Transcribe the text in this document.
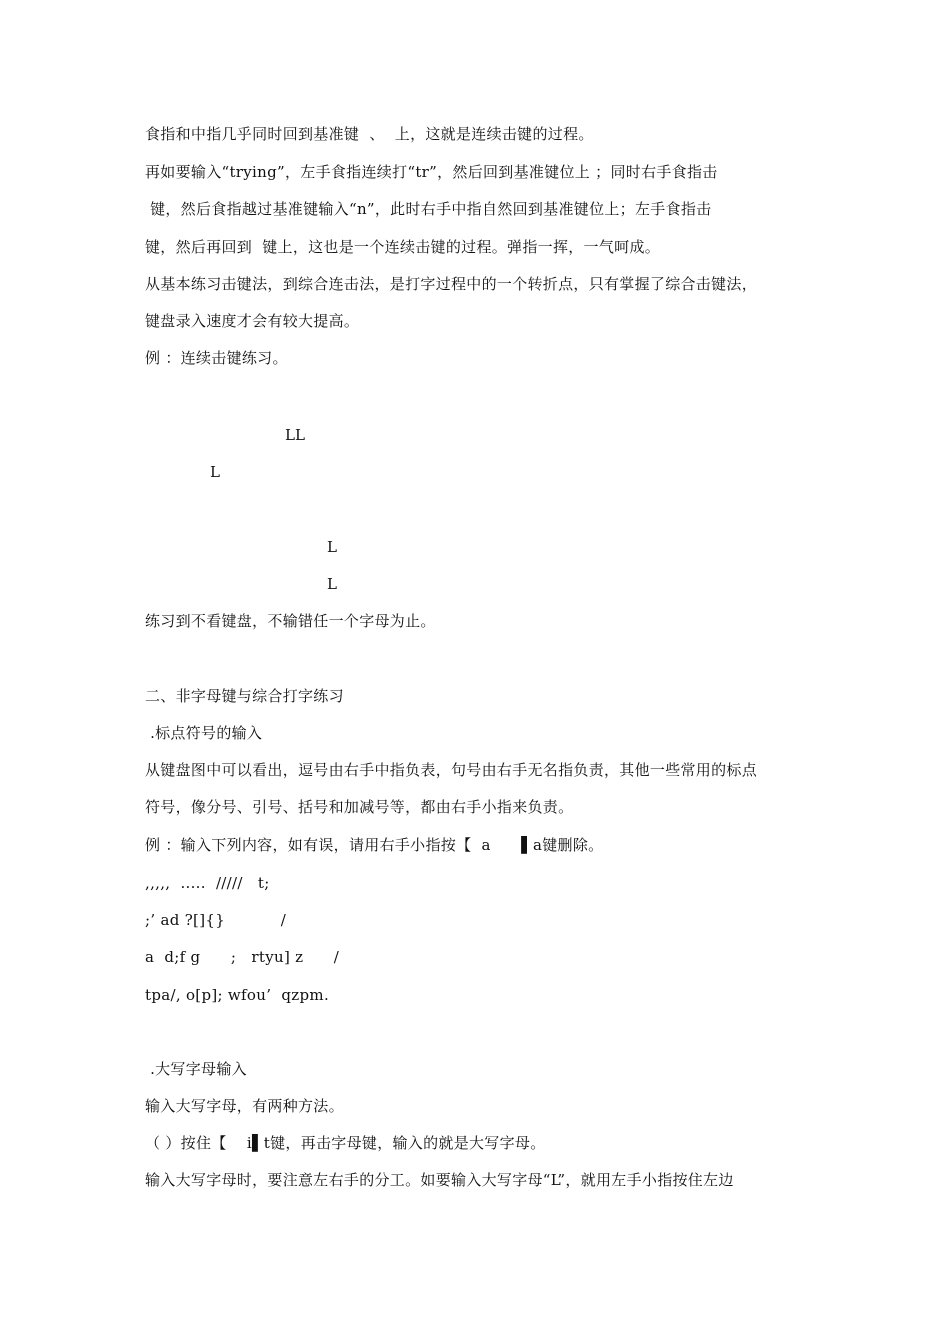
食指和中指几乎同时回到基准键  、  上，这就是连续击键的过程。
再如要输入“trying”，左手食指连续打“tr”，然后回到基准键位上 ；同时右手食指击
键，然后食指越过基准键输入“n”，此时右手中指自然回到基准键位上；左手食指击
键，然后再回到  键上，这也是一个连续击键的过程。弹指一挥，一气呵成。
从基本练习击键法，到综合连击法，是打字过程中的一个转折点，只有掌握了综合击键法，
键盘录入速度才会有较大提高。
例 ：连续击键练习。
LL
L
L
L
练习到不看键盘，不输错任一个字母为止。
二、非字母键与综合打字练习
.标点符号的输入
从键盘图中可以看出，逗号由右手中指负表，句号由右手无名指负责，其他一些常用的标点
符号，像分号、引号、括号和加减号等，都由右手小指来负责。
例 ：输入下列内容，如有误，请用右手小指按【  a      ▌a键删除。
,,,,,  .....  /////   t;
;’ ad ?[]{}           /
a  d;f g      ;   rtyu] z      /
tpa/, o[p]; wfou’  qzpm.
.大写字母输入
输入大写字母，有两种方法。
（ ）按住【    i▌t键，再击字母键，输入的就是大写字母。
输入大写字母时，要注意左右手的分工。如要输入大写字母“L”，就用左手小指按住左边
